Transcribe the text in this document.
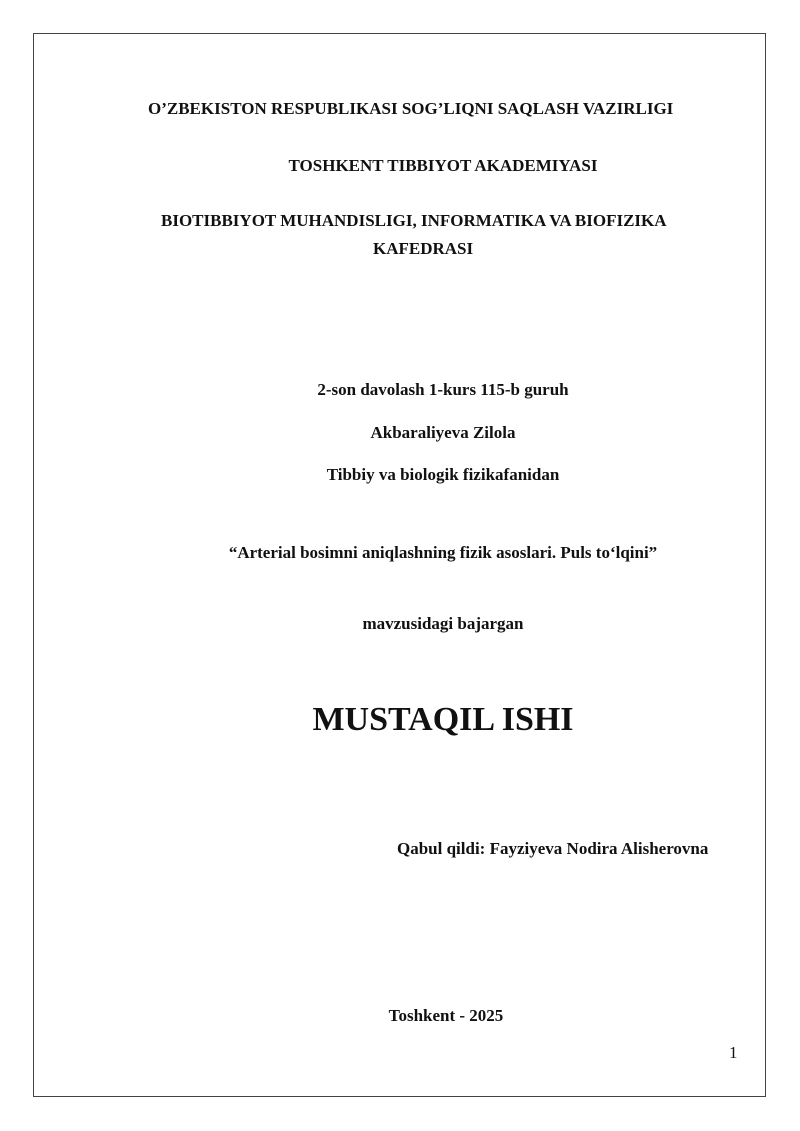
O’ZBEKISTON RESPUBLIKASI SOG’LIQNI SAQLASH VAZIRLIGI
TOSHKENT TIBBIYOT AKADEMIYASI
BIOTIBBIYOT MUHANDISLIGI, INFORMATIKA VA BIOFIZIKA
KAFEDRASI
2-son davolash 1-kurs 115-b guruh
Akbaraliyeva Zilola
Tibbiy va biologik fizikafanidan
“Arterial bosimni aniqlashning fizik asoslari. Puls to‘lqini”
mavzusidagi bajargan
MUSTAQIL ISHI
Qabul qildi: Fayziyeva Nodira Alisherovna
Toshkent - 2025
1
